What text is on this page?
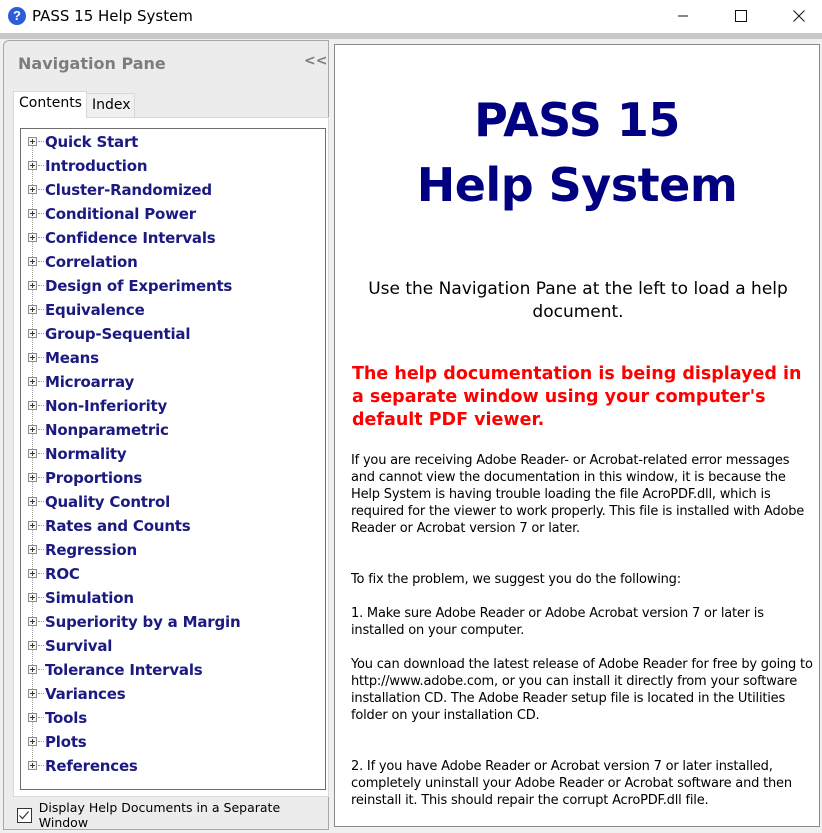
? PASS 15 Help System
Navigation Pane	<<
Index
Contents
Quick Start
Introduction
Cluster-Randomized
Conditional Power
Confidence Intervals
Correlation
Design of Experiments
Equivalence
Group-Sequential
Means
Microarray
Non-Inferiority
Nonparametric
Normality
Proportions
Quality Control
Rates and Counts
Regression
ROC
Simulation
Superiority by a Margin
Survival
Tolerance Intervals
Variances
Tools
Plots
References
Display Help Documents in a Separate Window
PASS 15
Help System
Use the Navigation Pane at the left to load a help document.
The help documentation is being displayed in a separate window using your computer's default PDF viewer.
If you are receiving Adobe Reader- or Acrobat-related error messages and cannot view the documentation in this window, it is because the Help System is having trouble loading the file AcroPDF.dll, which is required for the viewer to work properly. This file is installed with Adobe Reader or Acrobat version 7 or later.
To fix the problem, we suggest you do the following:
1. Make sure Adobe Reader or Adobe Acrobat version 7 or later is installed on your computer.
You can download the latest release of Adobe Reader for free by going to http://www.adobe.com, or you can install it directly from your software installation CD. The Adobe Reader setup file is located in the Utilities folder on your installation CD.
2. If you have Adobe Reader or Acrobat version 7 or later installed, completely uninstall your Adobe Reader or Acrobat software and then reinstall it. This should repair the corrupt AcroPDF.dll file.
